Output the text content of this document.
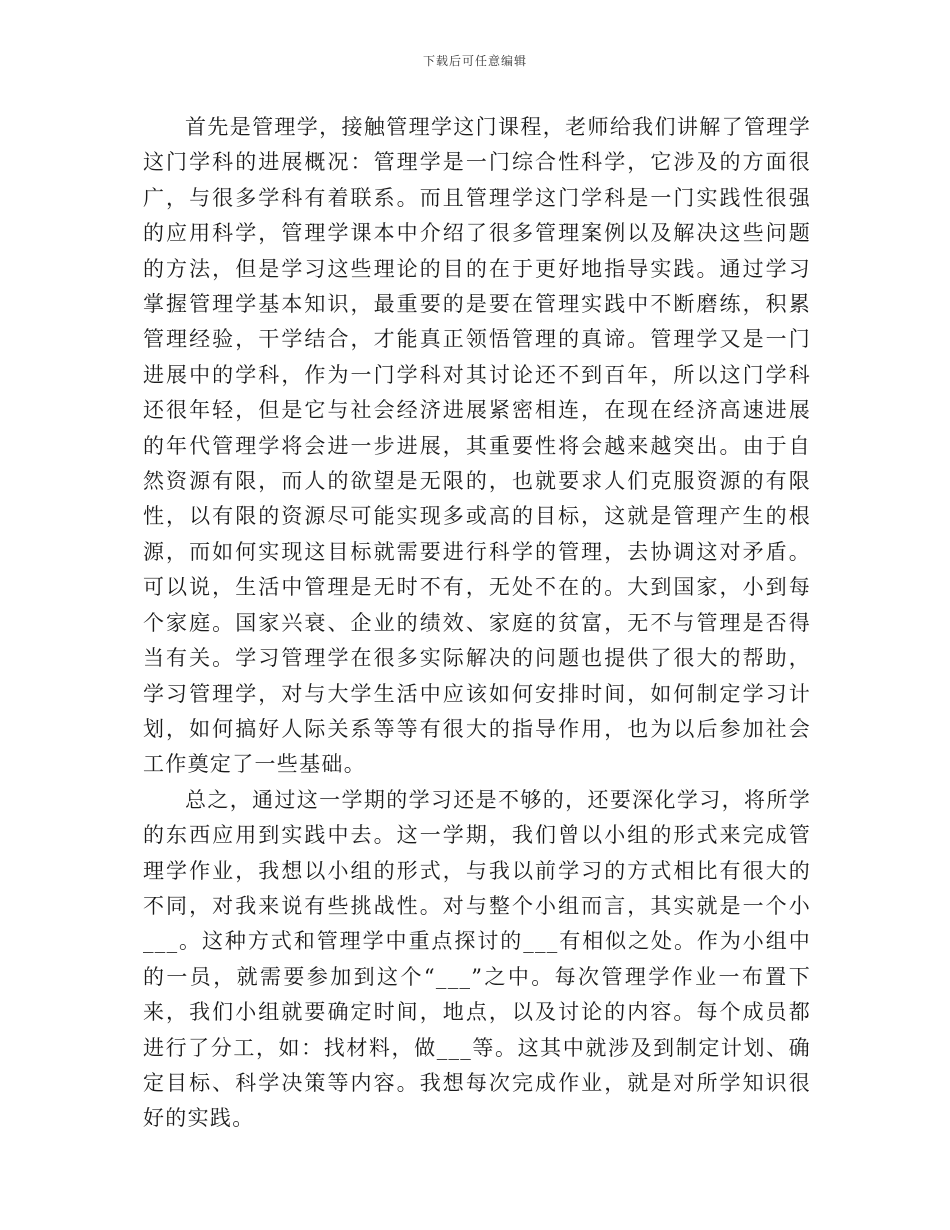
下载后可任意编辑

首先是管理学，接触管理学这门课程，老师给我们讲解了管理学这门学科的进展概况：管理学是一门综合性科学，它涉及的方面很广，与很多学科有着联系。而且管理学这门学科是一门实践性很强的应用科学，管理学课本中介绍了很多管理案例以及解决这些问题的方法，但是学习这些理论的目的在于更好地指导实践。通过学习掌握管理学基本知识，最重要的是要在管理实践中不断磨练，积累管理经验，干学结合，才能真正领悟管理的真谛。管理学又是一门进展中的学科，作为一门学科对其讨论还不到百年，所以这门学科还很年轻，但是它与社会经济进展紧密相连，在现在经济高速进展的年代管理学将会进一步进展，其重要性将会越来越突出。由于自然资源有限，而人的欲望是无限的，也就要求人们克服资源的有限性，以有限的资源尽可能实现多或高的目标，这就是管理产生的根源，而如何实现这目标就需要进行科学的管理，去协调这对矛盾。可以说，生活中管理是无时不有，无处不在的。大到国家，小到每个家庭。国家兴衰、企业的绩效、家庭的贫富，无不与管理是否得当有关。学习管理学在很多实际解决的问题也提供了很大的帮助，学习管理学，对与大学生活中应该如何安排时间，如何制定学习计划，如何搞好人际关系等等有很大的指导作用，也为以后参加社会工作奠定了一些基础。

总之，通过这一学期的学习还是不够的，还要深化学习，将所学的东西应用到实践中去。这一学期，我们曾以小组的形式来完成管理学作业，我想以小组的形式，与我以前学习的方式相比有很大的不同，对我来说有些挑战性。对与整个小组而言，其实就是一个小___。这种方式和管理学中重点探讨的___有相似之处。作为小组中的一员，就需要参加到这个“___”之中。每次管理学作业一布置下来，我们小组就要确定时间，地点，以及讨论的内容。每个成员都进行了分工，如：找材料，做___等。这其中就涉及到制定计划、确定目标、科学决策等内容。我想每次完成作业，就是对所学知识很好的实践。
